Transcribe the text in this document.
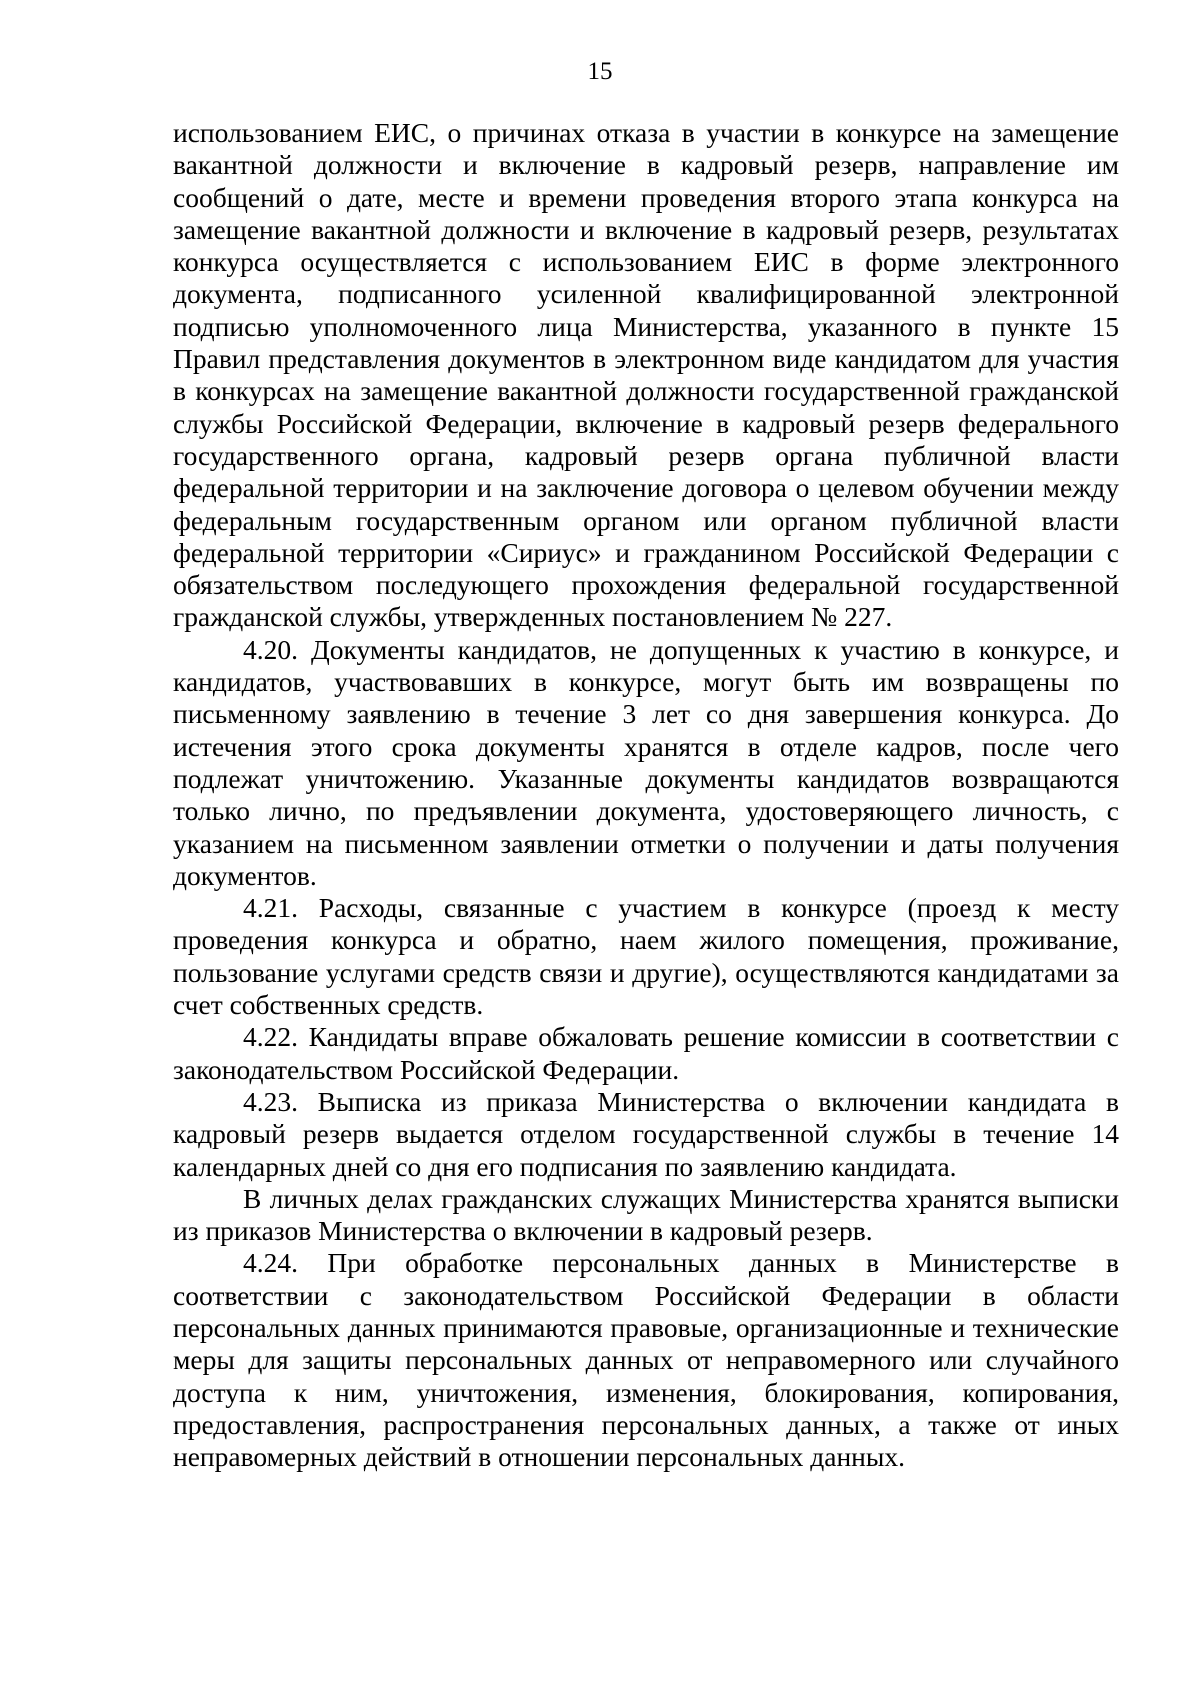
15

использованием ЕИС, о причинах отказа в участии в конкурсе на замещение вакантной должности и включение в кадровый резерв, направление им сообщений о дате, месте и времени проведения второго этапа конкурса на замещение вакантной должности и включение в кадровый резерв, результатах конкурса осуществляется с использованием ЕИС в форме электронного документа, подписанного усиленной квалифицированной электронной подписью уполномоченного лица Министерства, указанного в пункте 15 Правил представления документов в электронном виде кандидатом для участия в конкурсах на замещение вакантной должности государственной гражданской службы Российской Федерации, включение в кадровый резерв федерального государственного органа, кадровый резерв органа публичной власти федеральной территории и на заключение договора о целевом обучении между федеральным государственным органом или органом публичной власти федеральной территории «Сириус» и гражданином Российской Федерации с обязательством последующего прохождения федеральной государственной гражданской службы, утвержденных постановлением № 227.

4.20. Документы кандидатов, не допущенных к участию в конкурсе, и кандидатов, участвовавших в конкурсе, могут быть им возвращены по письменному заявлению в течение 3 лет со дня завершения конкурса. До истечения этого срока документы хранятся в отделе кадров, после чего подлежат уничтожению. Указанные документы кандидатов возвращаются только лично, по предъявлении документа, удостоверяющего личность, с указанием на письменном заявлении отметки о получении и даты получения документов.

4.21. Расходы, связанные с участием в конкурсе (проезд к месту проведения конкурса и обратно, наем жилого помещения, проживание, пользование услугами средств связи и другие), осуществляются кандидатами за счет собственных средств.

4.22. Кандидаты вправе обжаловать решение комиссии в соответствии с законодательством Российской Федерации.

4.23. Выписка из приказа Министерства о включении кандидата в кадровый резерв выдается отделом государственной службы в течение 14 календарных дней со дня его подписания по заявлению кандидата.

В личных делах гражданских служащих Министерства хранятся выписки из приказов Министерства о включении в кадровый резерв.

4.24. При обработке персональных данных в Министерстве в соответствии с законодательством Российской Федерации в области персональных данных принимаются правовые, организационные и технические меры для защиты персональных данных от неправомерного или случайного доступа к ним, уничтожения, изменения, блокирования, копирования, предоставления, распространения персональных данных, а также от иных неправомерных действий в отношении персональных данных.
